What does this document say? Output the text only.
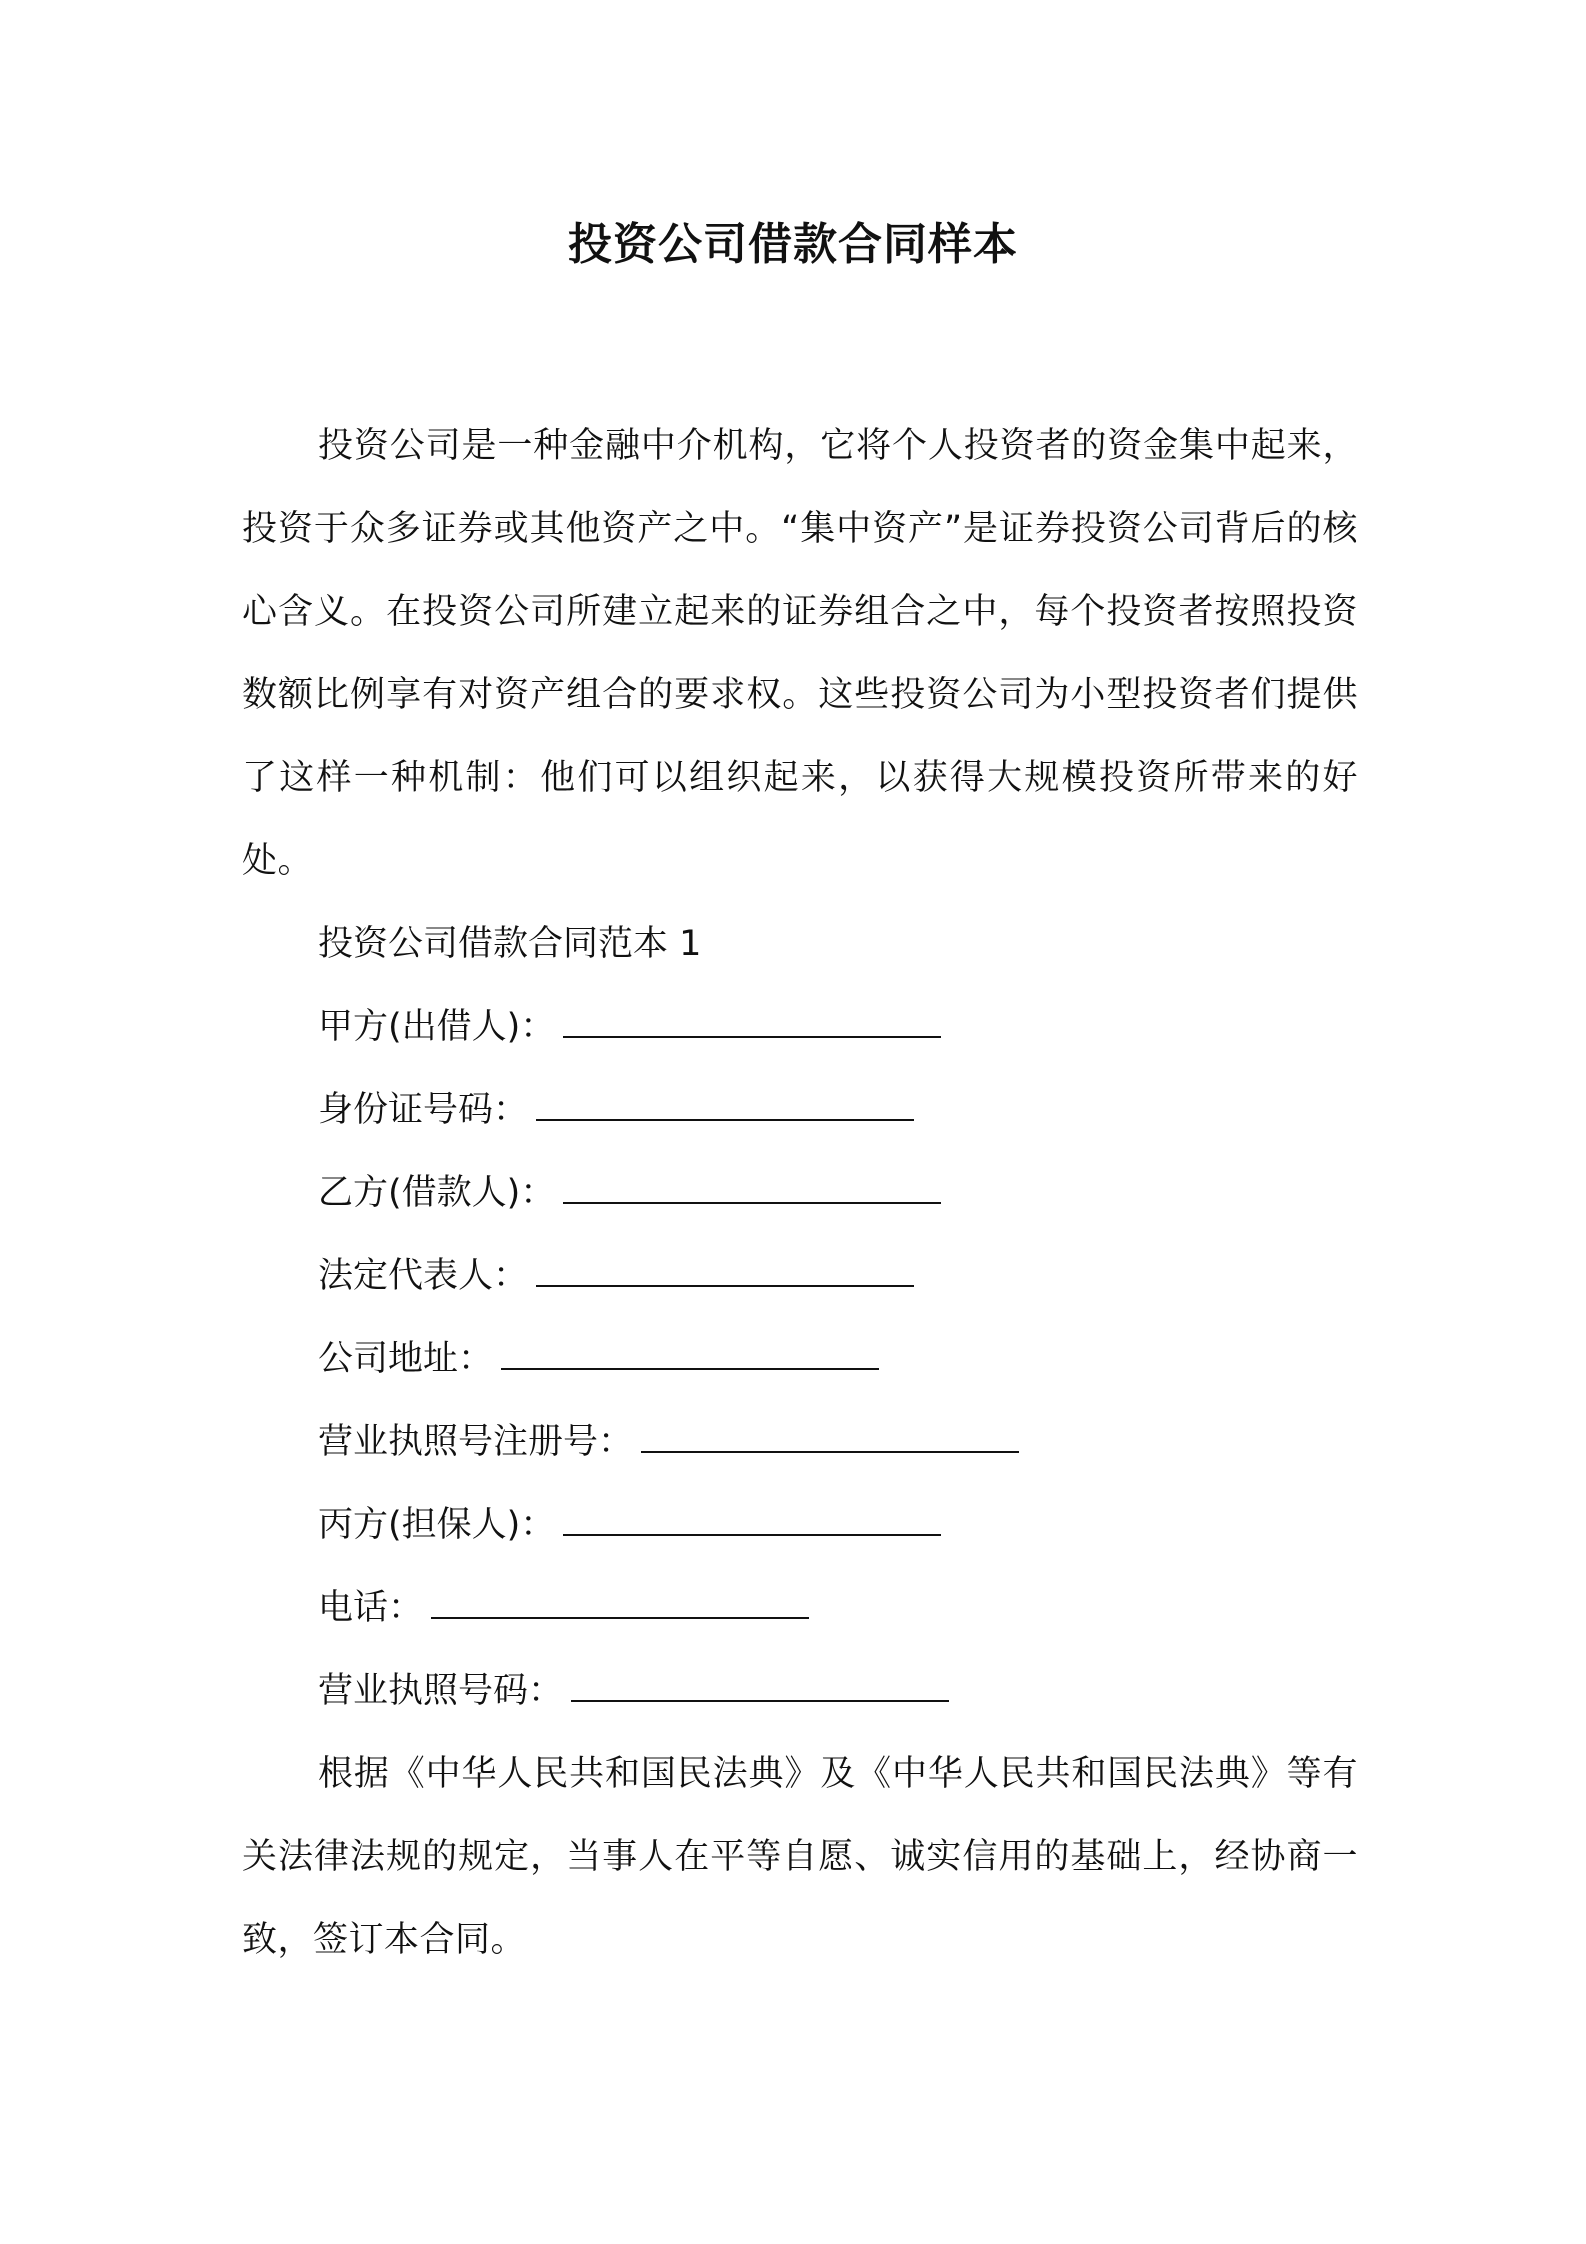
投资公司借款合同样本

投资公司是一种金融中介机构，它将个人投资者的资金集中起来，投资于众多证券或其他资产之中。“集中资产”是证券投资公司背后的核心含义。在投资公司所建立起来的证券组合之中，每个投资者按照投资数额比例享有对资产组合的要求权。这些投资公司为小型投资者们提供了这样一种机制：他们可以组织起来，以获得大规模投资所带来的好处。

投资公司借款合同范本 1

甲方(出借人)：

身份证号码：

乙方(借款人)：

法定代表人：

公司地址：

营业执照号注册号：

丙方(担保人)：

电话：

营业执照号码：

根据《中华人民共和国民法典》及《中华人民共和国民法典》等有关法律法规的规定，当事人在平等自愿、诚实信用的基础上，经协商一致，签订本合同。
